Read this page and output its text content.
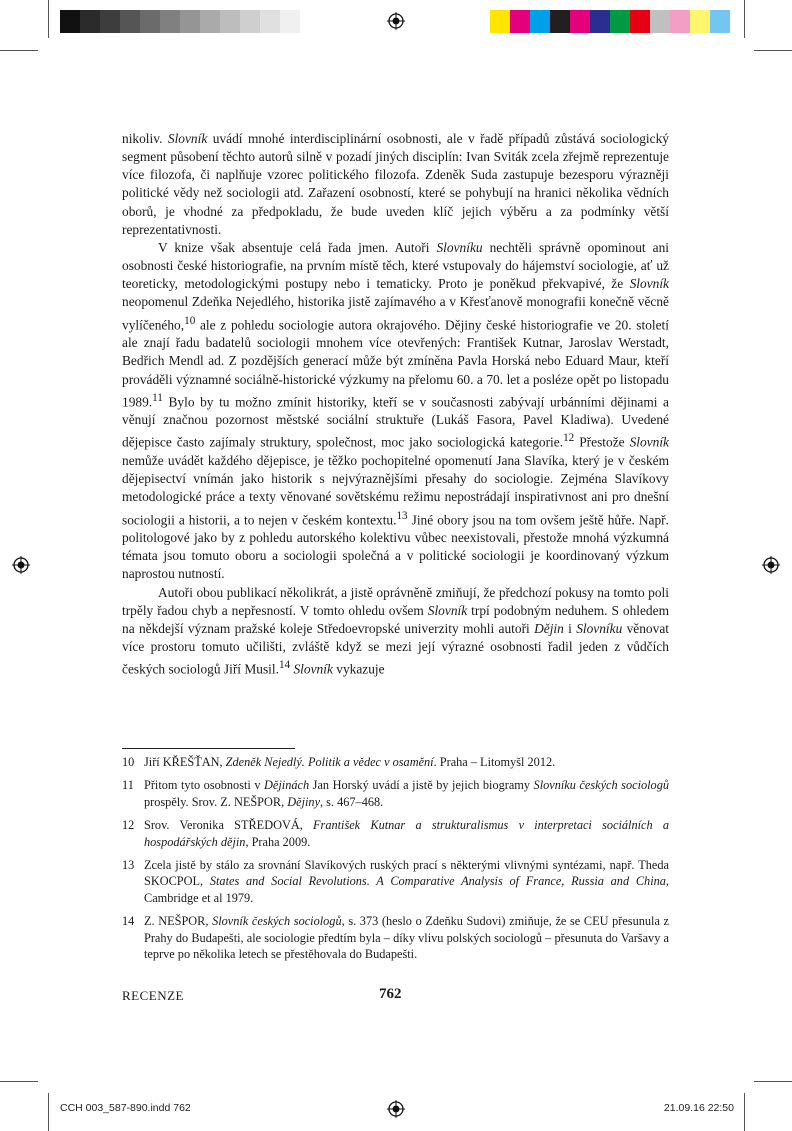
nikoliv. Slovník uvádí mnohé interdisciplinární osobnosti, ale v řadě případů zůstává sociologický segment působení těchto autorů silně v pozadí jiných disciplín: Ivan Sviták zcela zřejmě reprezentuje více filozofa, či naplňuje vzorec politického filozofa. Zdeněk Suda zastupuje bezesporu výrazněji politické vědy než sociologii atd. Zařazení osobností, které se pohybují na hranici několika vědních oborů, je vhodné za předpokladu, že bude uveden klíč jejich výběru a za podmínky větší reprezentativnosti.

V knize však absentuje celá řada jmen. Autoři Slovníku nechtěli správně opominout ani osobnosti české historiografie, na prvním místě těch, které vstupovaly do hájemství sociologie, ať už teoreticky, metodologickými postupy nebo i tematicky. Proto je poněkud překvapivé, že Slovník neopomenul Zdeňka Nejedlého, historika jistě zajímavého a v Křesťanově monografii konečně věcně vylíčeného,$^{10}$ ale z pohledu sociologie autora okrajového. Dějiny české historiografie ve 20. století ale znají řadu badatelů sociologii mnohem více otevřených: František Kutnar, Jaroslav Werstadt, Bedřich Mendl ad. Z pozdějších generací může být zmíněna Pavla Horská nebo Eduard Maur, kteří prováděli významné sociálně-historické výzkumy na přelomu 60. a 70. let a posléze opět po listopadu 1989.11 Bylo by tu možno zmínit historiky, kteří se v současnosti zabývají urbánními dějinami a věnují značnou pozornost městské sociální struktuře (Lukáš Fasora, Pavel Kladiwa). Uvedené dějepisce často zajímaly struktury, společnost, moc jako sociologická kategorie.$^{12}$ Přestože Slovník nemůže uvádět každého dějepisce, je těžko pochopitelné opomenutí Jana Slavíka, který je v českém dějepisectví vnímán jako historik s nejvýraznějšími přesahy do sociologie. Zejména Slavíkovy metodologické práce a texty věnované sovětskému režimu nepostrádají inspirativnost ani pro dnešní sociologii a historii, a to nejen v českém kontextu.$^{13}$ Jiné obory jsou na tom ovšem ještě hůře. Např. politologové jako by z pohledu autorského kolektivu vůbec neexistovali, přestože mnohá výzkumná témata jsou tomuto oboru a sociologii společná a v politické sociologii je koordinovaný výzkum naprostou nutností.

Autoři obou publikací několikrát, a jistě oprávněně zmiňují, že předchozí pokusy na tomto poli trpěly řadou chyb a nepřesností. V tomto ohledu ovšem Slovník trpí podobným neduhem. S ohledem na někdejší význam pražské koleje Středoevropské univerzity mohli autoři Dějin i Slovníku věnovat více prostoru tomuto učilišti, zvláště když se mezi její výrazné osobnosti řadil jeden z vůdčích českých sociologů Jiří Musil.$^{14}$ Slovník vykazuje

10 Jiří KŘEŠŤAN, Zdeněk Nejedlý. Politik a vědec v osamění. Praha – Litomyšl 2012.
11 Přitom tyto osobnosti v Dějinách Jan Horský uvádí a jistě by jejich biogramy Slovníku českých sociologů prospěly. Srov. Z. NEŠPOR, Dějiny, s. 467–468.
12 Srov. Veronika STŘEDOVÁ, František Kutnar a strukturalismus v interpretaci sociálních a hospodářských dějin, Praha 2009.
13 Zcela jistě by stálo za srovnání Slavíkových ruských prací s některými vlivnými syntézami, např. Theda SKOCPOL, States and Social Revolutions. A Comparative Analysis of France, Russia and China, Cambridge et al 1979.
14 Z. NEŠPOR, Slovník českých sociologů, s. 373 (heslo o Zdeňku Sudovi) zmiňuje, že se CEU přesunula z Prahy do Budapešti, ale sociologie předtím byla – díky vlivu polských sociologů – přesunuta do Varšavy a teprve po několika letech se přestěhovala do Budapešti.
RECENZE	762
CCH 003_587-890.indd 762	21.09.16 22:50
